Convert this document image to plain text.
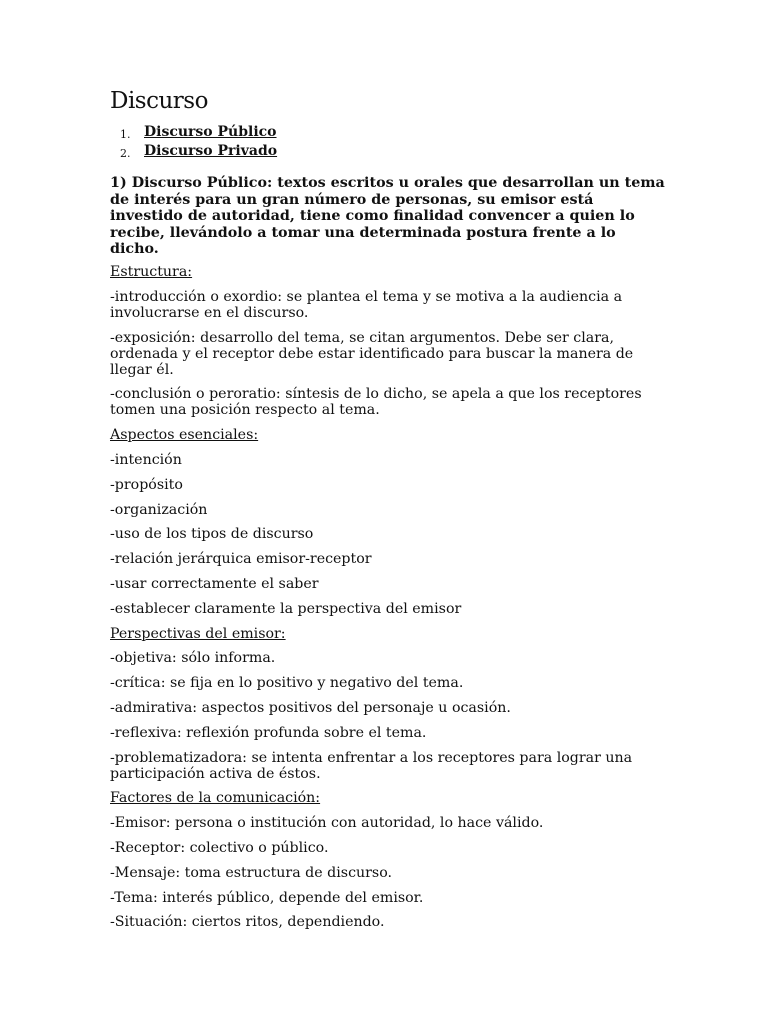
Discurso
1. Discurso Público
2. Discurso Privado

1) Discurso Público: textos escritos u orales que desarrollan un tema de interés para un gran número de personas, su emisor está investido de autoridad, tiene como finalidad convencer a quien lo recibe, llevándolo a tomar una determinada postura frente a lo dicho.

Estructura:

-introducción o exordio: se plantea el tema y se motiva a la audiencia a involucrarse en el discurso.

-exposición: desarrollo del tema, se citan argumentos. Debe ser clara, ordenada y el receptor debe estar identificado para buscar la manera de llegar él.

-conclusión o peroratio: síntesis de lo dicho, se apela a que los receptores tomen una posición respecto al tema.

Aspectos esenciales:

-intención

-propósito

-organización

-uso de los tipos de discurso

-relación jerárquica emisor-receptor

-usar correctamente el saber

-establecer claramente la perspectiva del emisor

Perspectivas del emisor:

-objetiva: sólo informa.

-crítica: se fija en lo positivo y negativo del tema.

-admirativa: aspectos positivos del personaje u ocasión.

-reflexiva: reflexión profunda sobre el tema.

-problematizadora: se intenta enfrentar a los receptores para lograr una participación activa de éstos.

Factores de la comunicación:

-Emisor: persona o institución con autoridad, lo hace válido.

-Receptor: colectivo o público.

-Mensaje: toma estructura de discurso.

-Tema: interés público, depende del emisor.

-Situación: ciertos ritos, dependiendo.
